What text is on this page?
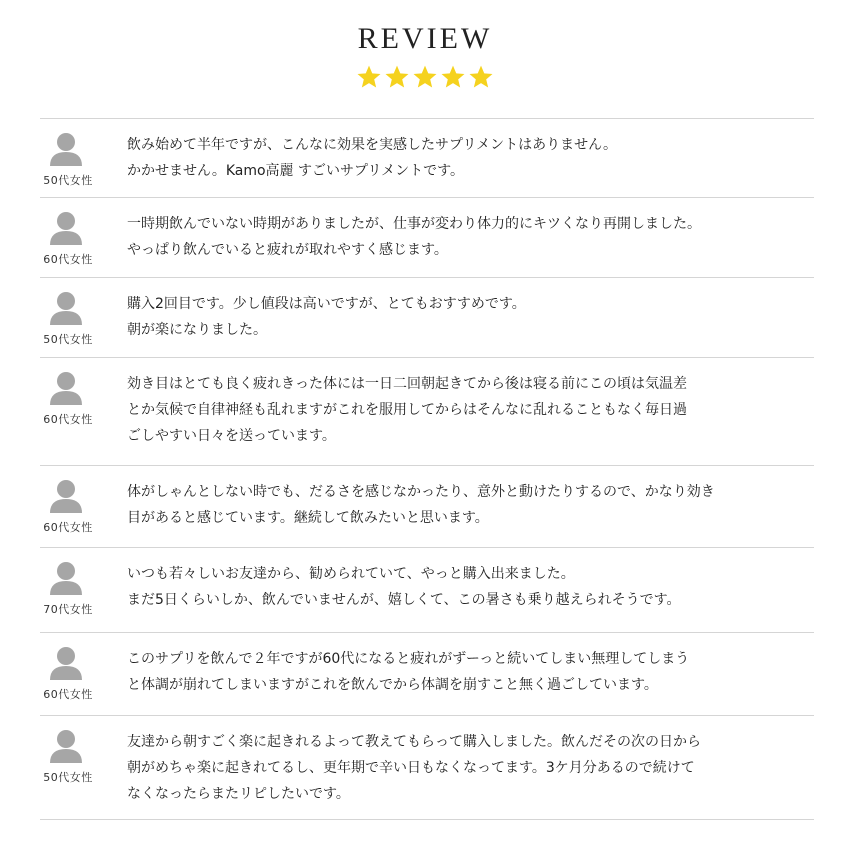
REVIEW
50代女性
飲み始めて半年ですが、こんなに効果を実感したサプリメントはありません。
かかせません。Kamo高麗 すごいサプリメントです。
60代女性
一時期飲んでいない時期がありましたが、仕事が変わり体力的にキツくなり再開しました。
やっぱり飲んでいると疲れが取れやすく感じます。
50代女性
購入2回目です。少し値段は高いですが、とてもおすすめです。
朝が楽になりました。
60代女性
効き目はとても良く疲れきった体には一日二回朝起きてから後は寝る前にこの頃は気温差
とか気候で自律神経も乱れますがこれを服用してからはそんなに乱れることもなく毎日過
ごしやすい日々を送っています。
60代女性
体がしゃんとしない時でも、だるさを感じなかったり、意外と動けたりするので、かなり効き
目があると感じています。継続して飲みたいと思います。
70代女性
いつも若々しいお友達から、勧められていて、やっと購入出来ました。
まだ5日くらいしか、飲んでいませんが、嬉しくて、この暑さも乗り越えられそうです。
60代女性
このサプリを飲んで２年ですが60代になると疲れがずーっと続いてしまい無理してしまう
と体調が崩れてしまいますがこれを飲んでから体調を崩すこと無く過ごしています。
50代女性
友達から朝すごく楽に起きれるよって教えてもらって購入しました。飲んだその次の日から
朝がめちゃ楽に起きれてるし、更年期で辛い日もなくなってます。3ケ月分あるので続けて
なくなったらまたリピしたいです。
